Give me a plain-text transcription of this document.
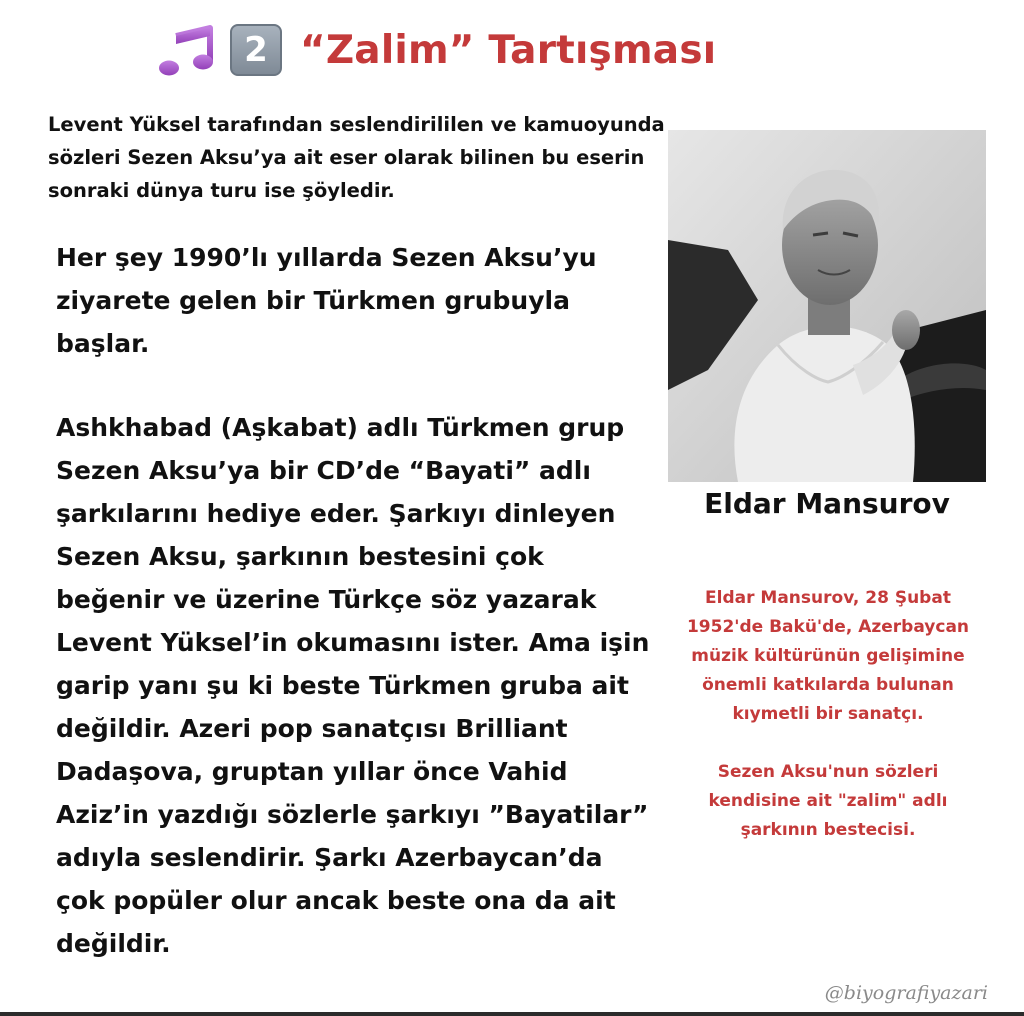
2 “Zalim” Tartışması

Levent Yüksel tarafından seslendirililen ve kamuoyunda sözleri Sezen Aksu’ya ait eser olarak bilinen bu eserin sonraki dünya turu ise şöyledir.

Her şey 1990’lı yıllarda Sezen Aksu’yu ziyarete gelen bir Türkmen grubuyla başlar.

Ashkhabad (Aşkabat) adlı Türkmen grup Sezen Aksu’ya bir CD’de “Bayati” adlı şarkılarını hediye eder. Şarkıyı dinleyen Sezen Aksu, şarkının bestesini çok beğenir ve üzerine Türkçe söz yazarak Levent Yüksel’in okumasını ister. Ama işin garip yanı şu ki beste Türkmen gruba ait değildir. Azeri pop sanatçısı Brilliant Dadaşova, gruptan yıllar önce Vahid Aziz’in yazdığı sözlerle şarkıyı ”Bayatilar” adıyla seslendirir. Şarkı Azerbaycan’da çok popüler olur ancak beste ona da ait değildir.

Eldar Mansurov

Eldar Mansurov, 28 Şubat 1952'de Bakü'de, Azerbaycan müzik kültürünün gelişimine önemli katkılarda bulunan kıymetli bir sanatçı.

Sezen Aksu'nun sözleri kendisine ait "zalim" adlı şarkının bestecisi.

@biyografiyazari
